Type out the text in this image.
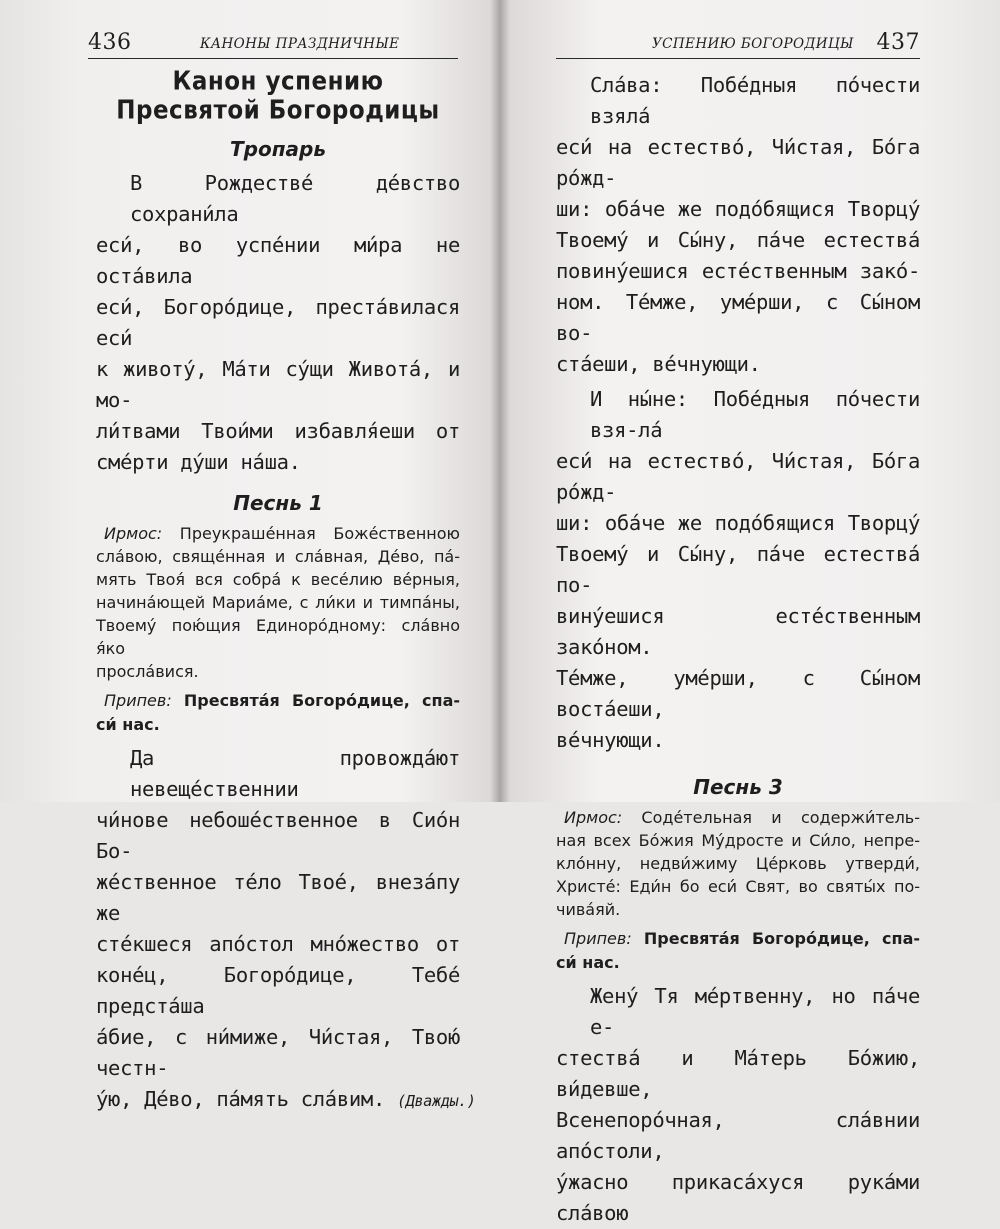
436	КАНОНЫ ПРАЗДНИЧНЫЕ
Канон успению
Пресвятой Богородицы
Тропарь
В Рождестве́ де́вство сохрани́ла
еси́, во успе́нии ми́ра не оста́вила
еси́, Богоро́дице, преста́вилася еси́
к животу́, Ма́ти су́щи Живота́, и мо-
ли́твами Твои́ми избавля́еши от
сме́рти ду́ши на́ша.
Песнь 1
Ирмос: Преукраше́нная Боже́ственною
сла́вою, свяще́нная и сла́вная, Де́во, па́-
мять Твоя́ вся собра́ к весе́лию ве́рныя,
начина́ющей Мариа́ме, с ли́ки и тимпа́ны,
Твоему́ пою́щия Единоро́дному: сла́вно я́ко
просла́вися.
Припев: Пресвята́я Богоро́дице, спа-
си́ нас.
Да провожда́ют невеще́ственнии
чи́нове небоше́ственное в Сио́н Бо-
же́ственное те́ло Твое́, внеза́пу же
сте́кшеся апо́стол мно́жество от
коне́ц, Богоро́дице, Тебе́ предста́ша
а́бие, с ни́миже, Чи́стая, Твою́ честн-
у́ю, Де́во, па́мять сла́вим. (Дважды.)
УСПЕНИЮ БОГОРОДИЦЫ 437
Сла́ва: Побе́дныя по́чести взяла́
еси́ на естество́, Чи́стая, Бо́га ро́жд-
ши: оба́че же подо́бящися Творцу́
Твоему́ и Сы́ну, па́че естества́
повину́ешися есте́ственным зако́-
ном. Те́мже, уме́рши, с Сы́ном во-
ста́еши, ве́чнующи.
И ны́не: Побе́дныя по́чести взя-ла́
еси́ на естество́, Чи́стая, Бо́га ро́жд-
ши: оба́че же подо́бящися Творцу́
Твоему́ и Сы́ну, па́че естества́ по-
вину́ешися есте́ственным зако́ном.
Те́мже, уме́рши, с Сы́ном воста́еши,
ве́чнующи.
Песнь 3
Ирмос: Соде́тельная и содержи́тель-
ная всех Бо́жия Му́дросте и Си́ло, непре-
кло́нну, недви́жиму Це́рковь утверди́,
Христе́: Еди́н бо еси́ Свят, во святы́х по-
чива́яй.
Припев: Пресвята́я Богоро́дице, спа-
си́ нас.
Жену́ Тя ме́ртвенну, но па́че е-
стества́ и Ма́терь Бо́жию, ви́девше,
Всенепоро́чная, сла́внии апо́столи,
у́жасно прикаса́хуся рука́ми сла́вою
